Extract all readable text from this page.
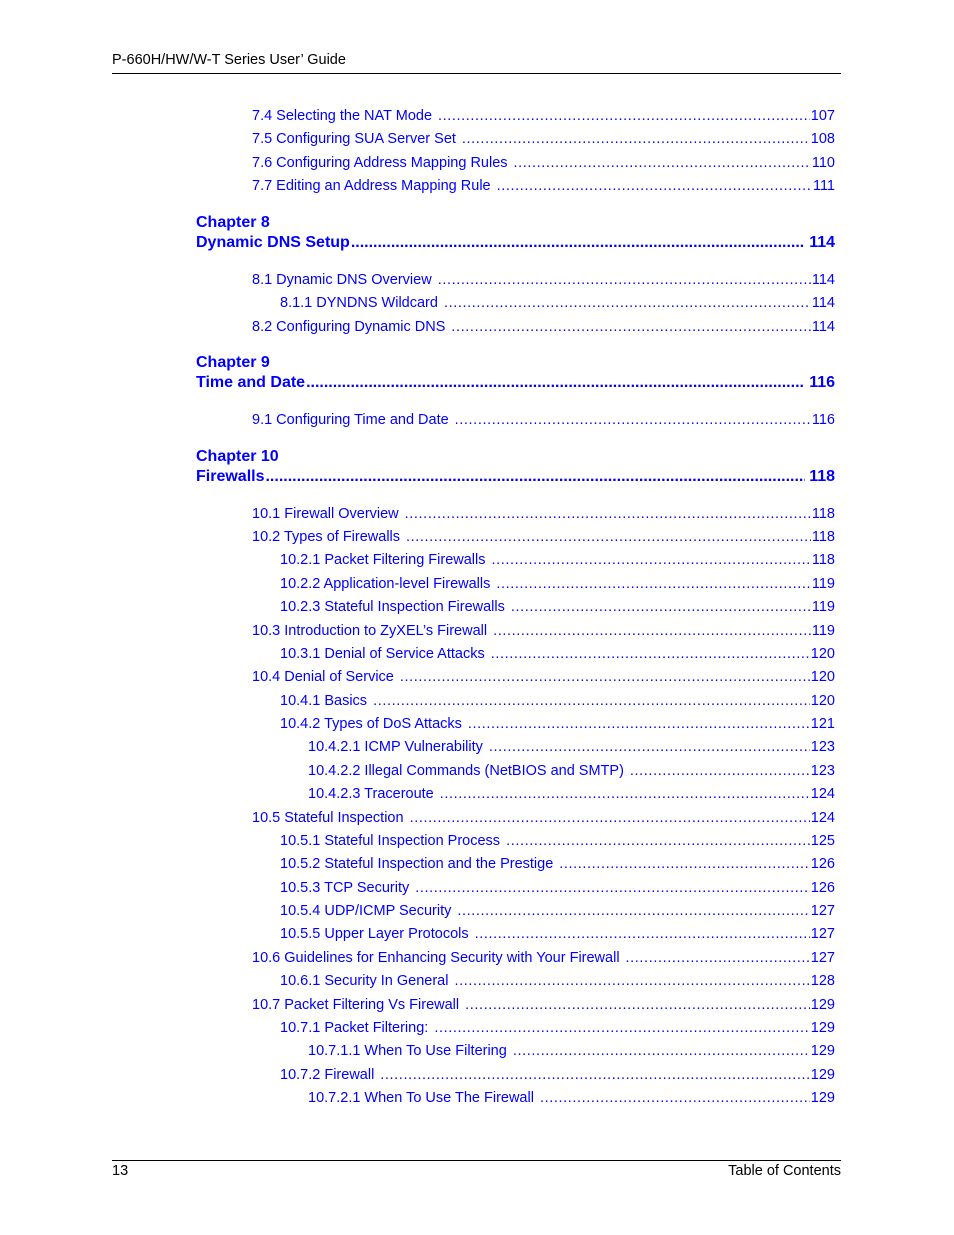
P-660H/HW/W-T Series User’ Guide
7.4 Selecting the NAT Mode .....	107
7.5 Configuring SUA Server Set .....	108
7.6 Configuring Address Mapping Rules .....	110
7.7 Editing an Address Mapping Rule .....	111
Chapter 8
Dynamic DNS Setup .....	114
8.1 Dynamic DNS Overview .....	114
8.1.1 DYNDNS Wildcard .....	114
8.2 Configuring Dynamic DNS .....	114
Chapter 9
Time and Date .....	116
9.1 Configuring Time and Date .....	116
Chapter 10
Firewalls .....	118
10.1 Firewall Overview .....	118
10.2 Types of Firewalls .....	118
10.2.1 Packet Filtering Firewalls .....	118
10.2.2 Application-level Firewalls .....	119
10.2.3 Stateful Inspection Firewalls .....	119
10.3 Introduction to ZyXEL’s Firewall .....	119
10.3.1 Denial of Service Attacks .....	120
10.4 Denial of Service .....	120
10.4.1 Basics .....	120
10.4.2 Types of DoS Attacks .....	121
10.4.2.1 ICMP Vulnerability .....	123
10.4.2.2 Illegal Commands (NetBIOS and SMTP) .....	123
10.4.2.3 Traceroute .....	124
10.5 Stateful Inspection .....	124
10.5.1 Stateful Inspection Process .....	125
10.5.2 Stateful Inspection and the Prestige .....	126
10.5.3 TCP Security .....	126
10.5.4 UDP/ICMP Security .....	127
10.5.5 Upper Layer Protocols .....	127
10.6 Guidelines for Enhancing Security with Your Firewall .....	127
10.6.1 Security In General .....	128
10.7 Packet Filtering Vs Firewall .....	129
10.7.1 Packet Filtering: .....	129
10.7.1.1 When To Use Filtering .....	129
10.7.2 Firewall .....	129
10.7.2.1 When To Use The Firewall .....	129
13	Table of Contents
